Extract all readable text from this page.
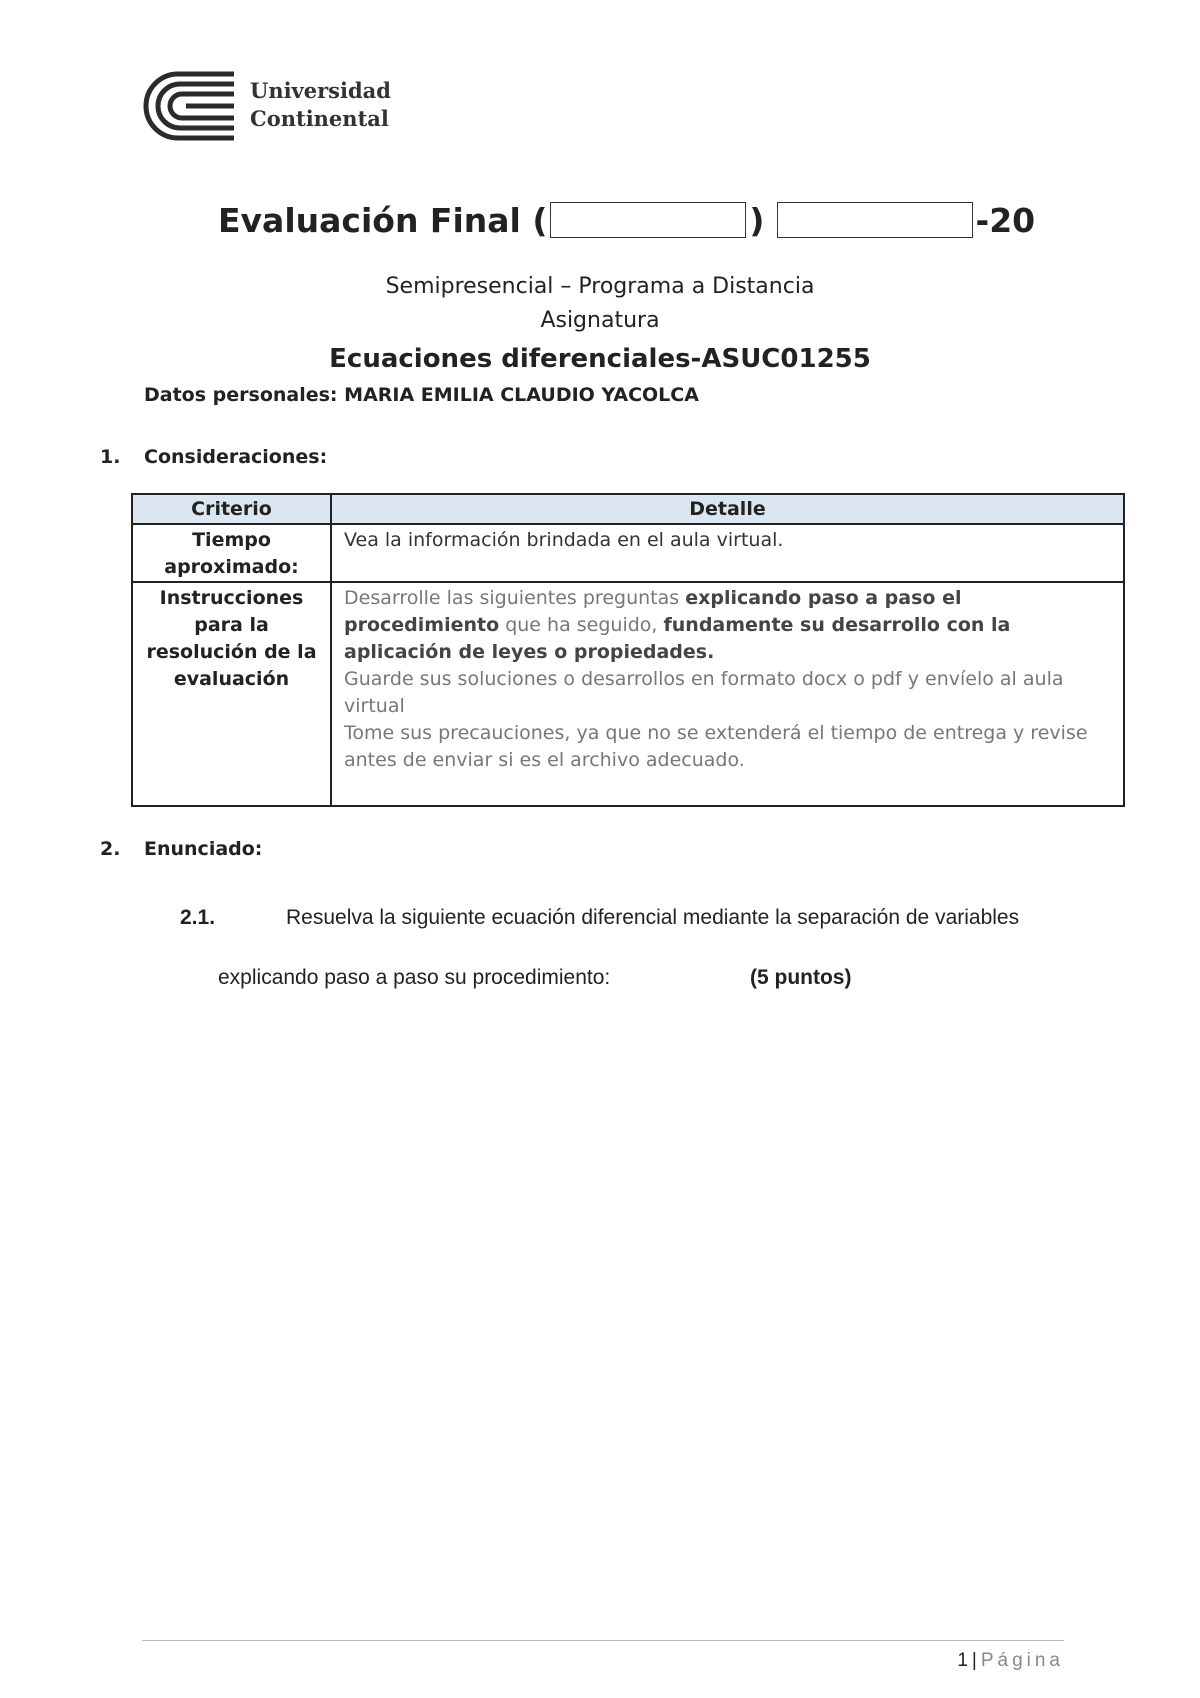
Universidad
Continental
Evaluación Final (	)	-20
Semipresencial – Programa a Distancia
Asignatura
Ecuaciones diferenciales-ASUC01255
Datos personales: MARIA EMILIA CLAUDIO YACOLCA
1. Consideraciones:
Criterio	Detalle
Tiempo aproximado:	Vea la información brindada en el aula virtual.
Instrucciones para la resolución de la evaluación	Desarrolle las siguientes preguntas explicando paso a paso el procedimiento que ha seguido, fundamente su desarrollo con la aplicación de leyes o propiedades.
Guarde sus soluciones o desarrollos en formato docx o pdf y envíelo al aula virtual
Tome sus precauciones, ya que no se extenderá el tiempo de entrega y revise antes de enviar si es el archivo adecuado.
2. Enunciado:
2.1.	Resuelva la siguiente ecuación diferencial mediante la separación de variables
explicando paso a paso su procedimiento:	(5 puntos)
1 | Página
